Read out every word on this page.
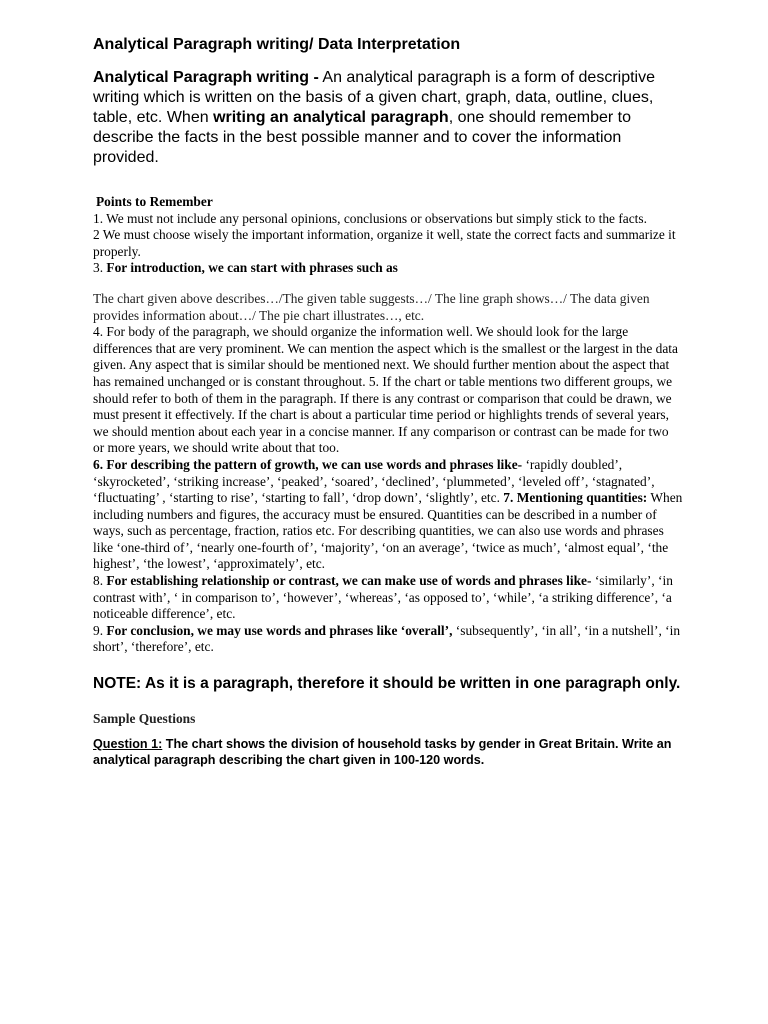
Analytical Paragraph writing/ Data Interpretation

Analytical Paragraph writing - An analytical paragraph is a form of descriptive writing which is written on the basis of a given chart, graph, data, outline, clues, table, etc. When writing an analytical paragraph, one should remember to describe the facts in the best possible manner and to cover the information provided.

Points to Remember

1. We must not include any personal opinions, conclusions or observations but simply stick to the facts.

2 We must choose wisely the important information, organize it well, state the correct facts and summarize it properly.

3. For introduction, we can start with phrases such as

The chart given above describes…/The given table suggests…/ The line graph shows…/ The data given provides information about…/ The pie chart illustrates…, etc.

4. For body of the paragraph, we should organize the information well. We should look for the large differences that are very prominent. We can mention the aspect which is the smallest or the largest in the data given. Any aspect that is similar should be mentioned next. We should further mention about the aspect that has remained unchanged or is constant throughout. 5. If the chart or table mentions two different groups, we should refer to both of them in the paragraph. If there is any contrast or comparison that could be drawn, we must present it effectively. If the chart is about a particular time period or highlights trends of several years, we should mention about each year in a concise manner. If any comparison or contrast can be made for two or more years, we should write about that too.

6. For describing the pattern of growth, we can use words and phrases like- ‘rapidly doubled’, ‘skyrocketed’, ‘striking increase’, ‘peaked’, ‘soared’, ‘declined’, ‘plummeted’, ‘leveled off’, ‘stagnated’, ‘fluctuating’ , ‘starting to rise’, ‘starting to fall’, ‘drop down’, ‘slightly’, etc. 7. Mentioning quantities: When including numbers and figures, the accuracy must be ensured. Quantities can be described in a number of ways, such as percentage, fraction, ratios etc. For describing quantities, we can also use words and phrases like ‘one-third of’, ‘nearly one-fourth of’, ‘majority’, ‘on an average’, ‘twice as much’, ‘almost equal’, ‘the highest’, ‘the lowest’, ‘approximately’, etc.

8. For establishing relationship or contrast, we can make use of words and phrases like- ‘similarly’, ‘in contrast with’, ‘ in comparison to’, ‘however’, ‘whereas’, ‘as opposed to’, ‘while’, ‘a striking difference’, ‘a noticeable difference’, etc.

9. For conclusion, we may use words and phrases like ‘overall’, ‘subsequently’, ‘in all’, ‘in a nutshell’, ‘in short’, ‘therefore’, etc.

NOTE: As it is a paragraph, therefore it should be written in one paragraph only.

Sample Questions

Question 1: The chart shows the division of household tasks by gender in Great Britain. Write an analytical paragraph describing the chart given in 100-120 words.
